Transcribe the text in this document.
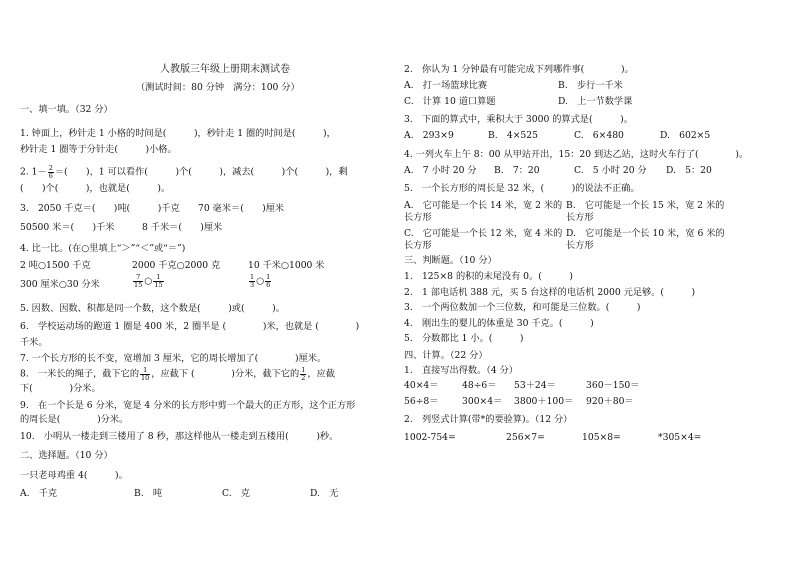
人教版三年级上册期末测试卷
（测试时间：80 分钟　满分：100 分）
一、填一填。（32 分）
1. 钟面上，秒针走 1 小格的时间是(　　　)，秒针走 1 圈的时间是(　　　)，
秒针走 1 圈等于分针走(　　　)小格。
2. $1- \frac{2}{6}$ ＝(　　)，1 可以看作(　　　)个(　　　)，减去(　　　)个(　　　)，剩
(　　)个(　　　)，也就是(　　　)。
3.　2050 千克＝(　　)吨(　　　)千克　　70 毫米＝(　　)厘米
50500 米＝(　　)千米　　　8 千米＝(　　)厘米
4. 比一比。(在○里填上“＞”“＜”或“＝”)
2 吨○1500 千克	2000 千克○2000 克	10 千米○1000 米
300 厘米○30 分米	$\frac{7}{15}$ ○ $\frac{1}{15}$	$\frac{1}{3}$ ○ $\frac{1}{6}$
5. 因数、因数、积都是同一个数，这个数是(　　　)或(　　　)。
6.　学校运动场的跑道 1 圈是 400 米，2 圈半是 (　　　　)米，也就是 (　　　　)
千米。
7. 一个长方形的长不变，宽增加 3 厘米，它的周长增加了(　　　　)厘米。
8.　一米长的绳子，截下它的 $\frac{1}{10}$ ，应截下 (　　　　)分米，截下它的 $\frac{1}{2}$ ，应截
下(　　　　)分米。
9.　在一个长是 6 分米，宽是 4 分米的长方形中剪一个最大的正方形，这个正方形
的周长是(　　　　)分米。
10.　小明从一楼走到三楼用了 8 秒，那这样他从一楼走到五楼用(　　　)秒。
二、选择题。（10 分）
一只老母鸡重 4(　　　)。
A.　千克	B.　吨	C.　克	D.　无
2.　你认为 1 分钟最有可能完成下列哪件事(　　　　)。
A.　打一场篮球比赛	B.　步行一千米
C.　计算 10 道口算题	D.　上一节数学课
3.　下面的算式中，乘积大于 3000 的算式是(　　　)。
A.　293×9	B.　4×525	C.　6×480	D.　602×5
4. 一列火车上午 8：00 从甲站开出，15：20 到达乙站，这时火车行了(　　　　)。
A.　7 小时 20 分 B.　7：20	C.　5 小时 20 分 D.　5：20
5.　一个长方形的周长是 32 米，(　　　)的说法不正确。
A.　它可能是一个长 14 米，宽 2 米的
长方形
B.　它可能是一个长 15 米，宽 2 米的
长方形
C.　它可能是一个长 12 米，宽 4 米的
长方形
D.　它可能是一个长 10 米，宽 6 米的
长方形
三、判断题。（10 分）
1.　125×8 的积的末尾没有 0。(　　　)
2.　1 部电话机 388 元，买 5 台这样的电话机 2000 元足够。(　　　)
3.　一个两位数加一个三位数，和可能是三位数。(　　　)
4.　刚出生的婴儿的体重是 30 千克。(　　　)
5.　分数都比 1 小。(　　　)
四、计算。（22 分）
1.　直接写出得数。（4 分）
40×4＝	48÷6＝ 53＋24＝	360－150＝
56÷8＝	300×4＝ 3800＋100＝ 920＋80＝
2.　列竖式计算(带*的要验算)。（12 分）
1002-754=	256×7=	105×8=	*305×4=
